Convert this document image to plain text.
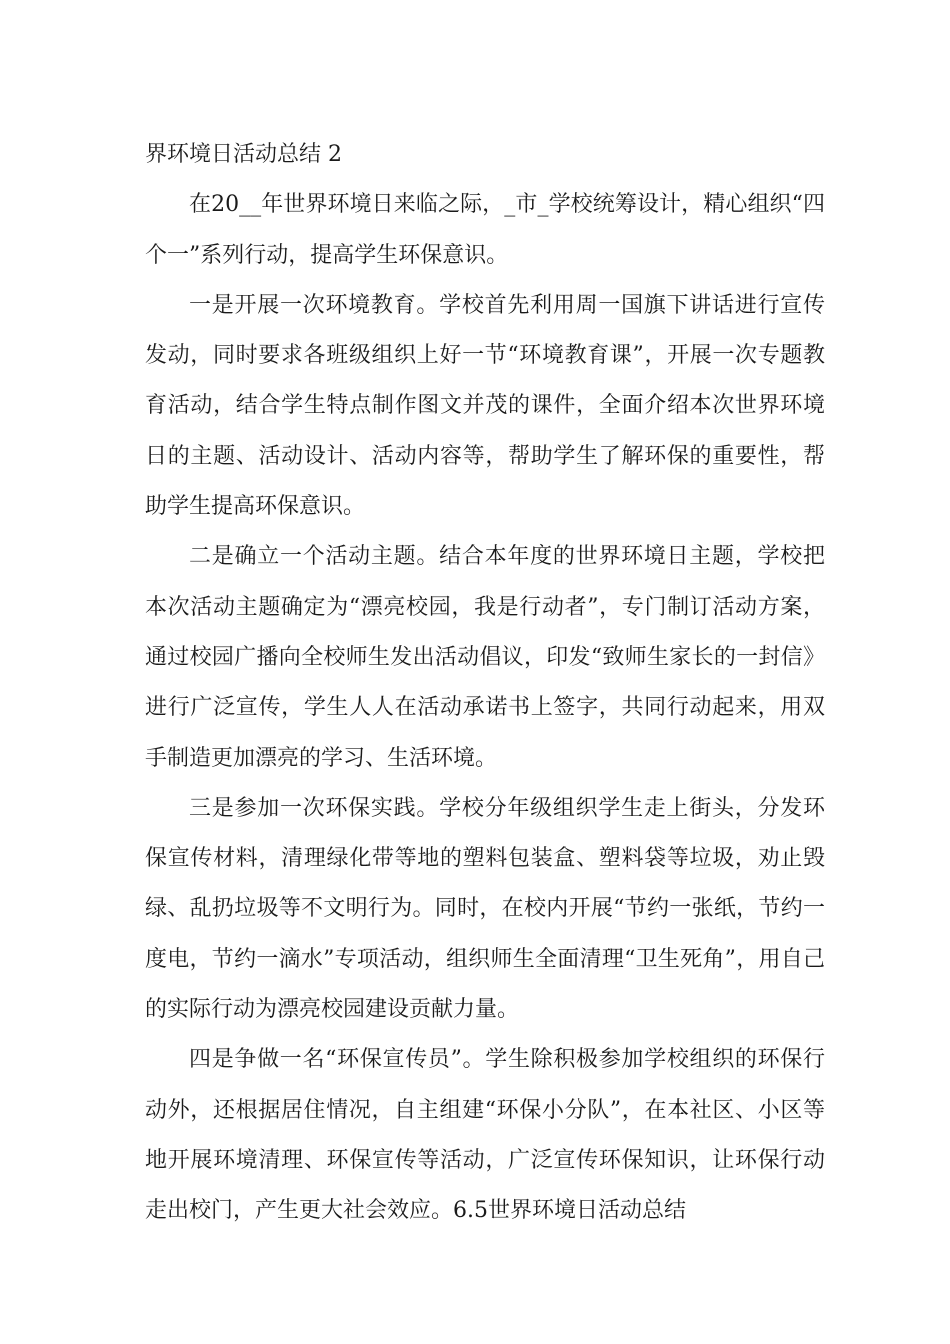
界环境日活动总结 2

在20__年世界环境日来临之际，_市_学校统筹设计，精心组织“四个一”系列行动，提高学生环保意识。

一是开展一次环境教育。学校首先利用周一国旗下讲话进行宣传发动，同时要求各班级组织上好一节“环境教育课”，开展一次专题教育活动，结合学生特点制作图文并茂的课件，全面介绍本次世界环境日的主题、活动设计、活动内容等，帮助学生了解环保的重要性，帮助学生提高环保意识。

二是确立一个活动主题。结合本年度的世界环境日主题，学校把本次活动主题确定为“漂亮校园，我是行动者”，专门制订活动方案，通过校园广播向全校师生发出活动倡议，印发“致师生家长的一封信》进行广泛宣传，学生人人在活动承诺书上签字，共同行动起来，用双手制造更加漂亮的学习、生活环境。

三是参加一次环保实践。学校分年级组织学生走上街头，分发环保宣传材料，清理绿化带等地的塑料包装盒、塑料袋等垃圾，劝止毁绿、乱扔垃圾等不文明行为。同时，在校内开展“节约一张纸，节约一度电，节约一滴水”专项活动，组织师生全面清理“卫生死角”，用自己的实际行动为漂亮校园建设贡献力量。

四是争做一名“环保宣传员”。学生除积极参加学校组织的环保行动外，还根据居住情况，自主组建“环保小分队”，在本社区、小区等地开展环境清理、环保宣传等活动，广泛宣传环保知识，让环保行动走出校门，产生更大社会效应。6.5世界环境日活动总结
